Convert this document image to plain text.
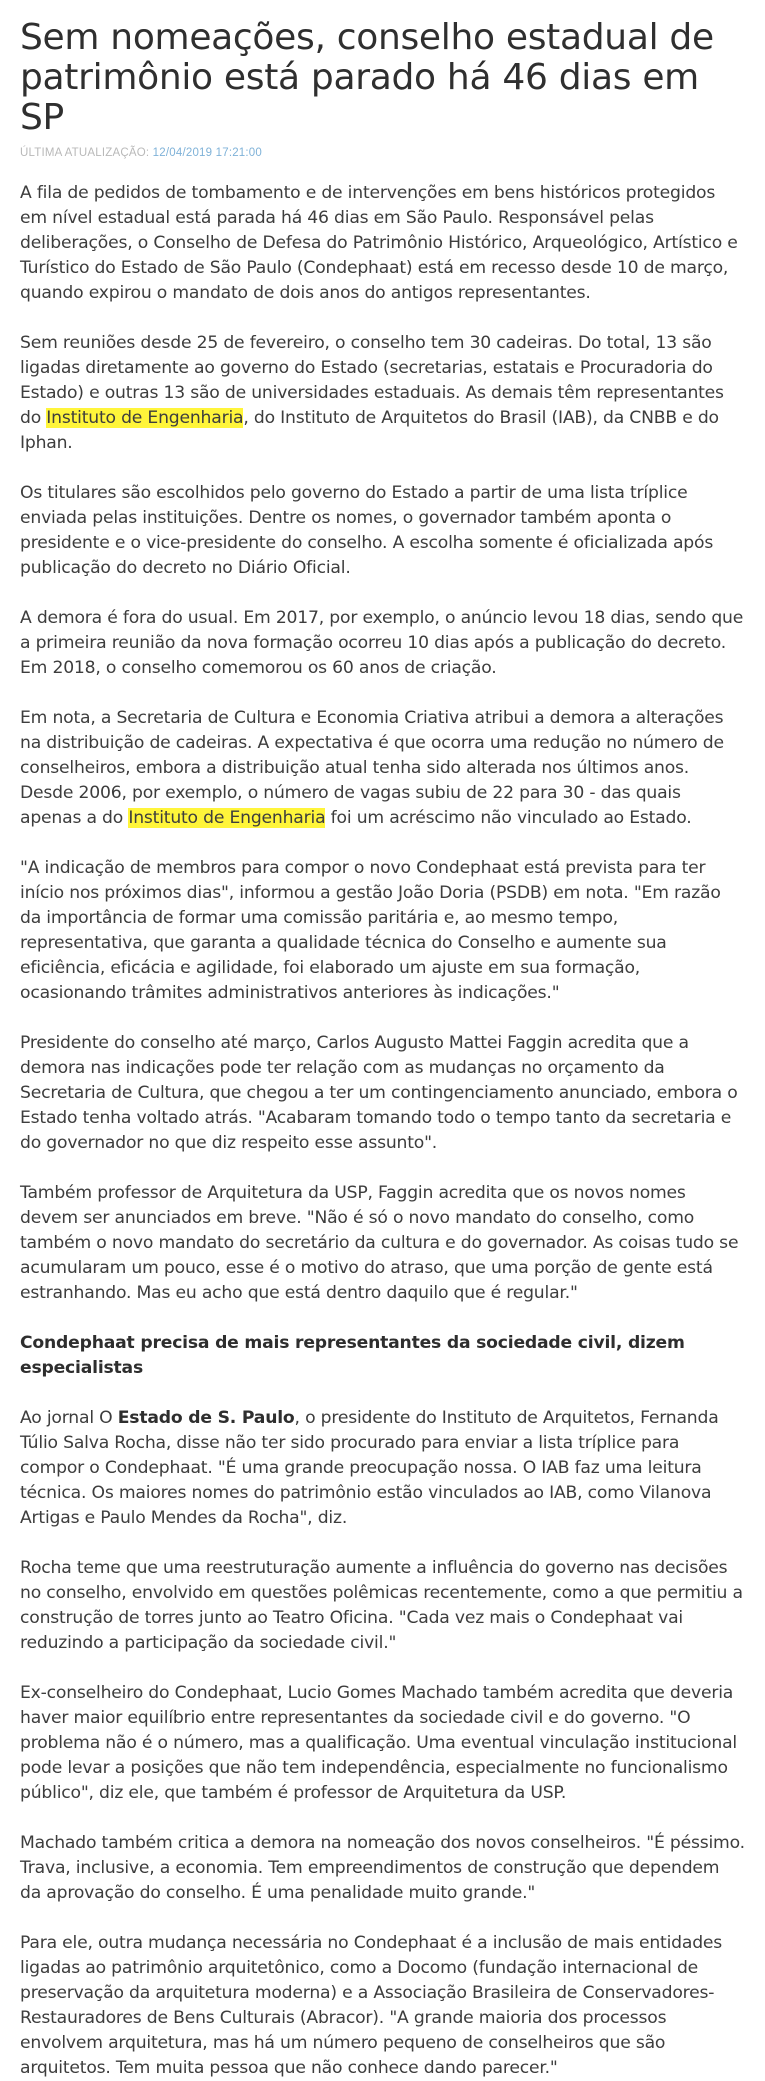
Sem nomeações, conselho estadual de patrimônio está parado há 46 dias em SP
ÚLTIMA ATUALIZAÇÃO: 12/04/2019 17:21:00

A fila de pedidos de tombamento e de intervenções em bens históricos protegidos em nível estadual está parada há 46 dias em São Paulo. Responsável pelas deliberações, o Conselho de Defesa do Patrimônio Histórico, Arqueológico, Artístico e Turístico do Estado de São Paulo (Condephaat) está em recesso desde 10 de março, quando expirou o mandato de dois anos do antigos representantes.

Sem reuniões desde 25 de fevereiro, o conselho tem 30 cadeiras. Do total, 13 são ligadas diretamente ao governo do Estado (secretarias, estatais e Procuradoria do Estado) e outras 13 são de universidades estaduais. As demais têm representantes do Instituto de Engenharia, do Instituto de Arquitetos do Brasil (IAB), da CNBB e do Iphan.

Os titulares são escolhidos pelo governo do Estado a partir de uma lista tríplice enviada pelas instituições. Dentre os nomes, o governador também aponta o presidente e o vice-presidente do conselho. A escolha somente é oficializada após publicação do decreto no Diário Oficial.

A demora é fora do usual. Em 2017, por exemplo, o anúncio levou 18 dias, sendo que a primeira reunião da nova formação ocorreu 10 dias após a publicação do decreto. Em 2018, o conselho comemorou os 60 anos de criação.

Em nota, a Secretaria de Cultura e Economia Criativa atribui a demora a alterações na distribuição de cadeiras. A expectativa é que ocorra uma redução no número de conselheiros, embora a distribuição atual tenha sido alterada nos últimos anos. Desde 2006, por exemplo, o número de vagas subiu de 22 para 30 - das quais apenas a do Instituto de Engenharia foi um acréscimo não vinculado ao Estado.

"A indicação de membros para compor o novo Condephaat está prevista para ter início nos próximos dias", informou a gestão João Doria (PSDB) em nota. "Em razão da importância de formar uma comissão paritária e, ao mesmo tempo, representativa, que garanta a qualidade técnica do Conselho e aumente sua eficiência, eficácia e agilidade, foi elaborado um ajuste em sua formação, ocasionando trâmites administrativos anteriores às indicações."

Presidente do conselho até março, Carlos Augusto Mattei Faggin acredita que a demora nas indicações pode ter relação com as mudanças no orçamento da Secretaria de Cultura, que chegou a ter um contingenciamento anunciado, embora o Estado tenha voltado atrás. "Acabaram tomando todo o tempo tanto da secretaria e do governador no que diz respeito esse assunto".

Também professor de Arquitetura da USP, Faggin acredita que os novos nomes devem ser anunciados em breve. "Não é só o novo mandato do conselho, como também o novo mandato do secretário da cultura e do governador. As coisas tudo se acumularam um pouco, esse é o motivo do atraso, que uma porção de gente está estranhando. Mas eu acho que está dentro daquilo que é regular."

Condephaat precisa de mais representantes da sociedade civil, dizem especialistas

Ao jornal O Estado de S. Paulo, o presidente do Instituto de Arquitetos, Fernanda Túlio Salva Rocha, disse não ter sido procurado para enviar a lista tríplice para compor o Condephaat. "É uma grande preocupação nossa. O IAB faz uma leitura técnica. Os maiores nomes do patrimônio estão vinculados ao IAB, como Vilanova Artigas e Paulo Mendes da Rocha", diz.

Rocha teme que uma reestruturação aumente a influência do governo nas decisões no conselho, envolvido em questões polêmicas recentemente, como a que permitiu a construção de torres junto ao Teatro Oficina. "Cada vez mais o Condephaat vai reduzindo a participação da sociedade civil."

Ex-conselheiro do Condephaat, Lucio Gomes Machado também acredita que deveria haver maior equilíbrio entre representantes da sociedade civil e do governo. "O problema não é o número, mas a qualificação. Uma eventual vinculação institucional pode levar a posições que não tem independência, especialmente no funcionalismo público", diz ele, que também é professor de Arquitetura da USP.

Machado também critica a demora na nomeação dos novos conselheiros. "É péssimo. Trava, inclusive, a economia. Tem empreendimentos de construção que dependem da aprovação do conselho. É uma penalidade muito grande."

Para ele, outra mudança necessária no Condephaat é a inclusão de mais entidades ligadas ao patrimônio arquitetônico, como a Docomo (fundação internacional de preservação da arquitetura moderna) e a Associação Brasileira de Conservadores-Restauradores de Bens Culturais (Abracor). "A grande maioria dos processos envolvem arquitetura, mas há um número pequeno de conselheiros que são arquitetos. Tem muita pessoa que não conhece dando parecer."
